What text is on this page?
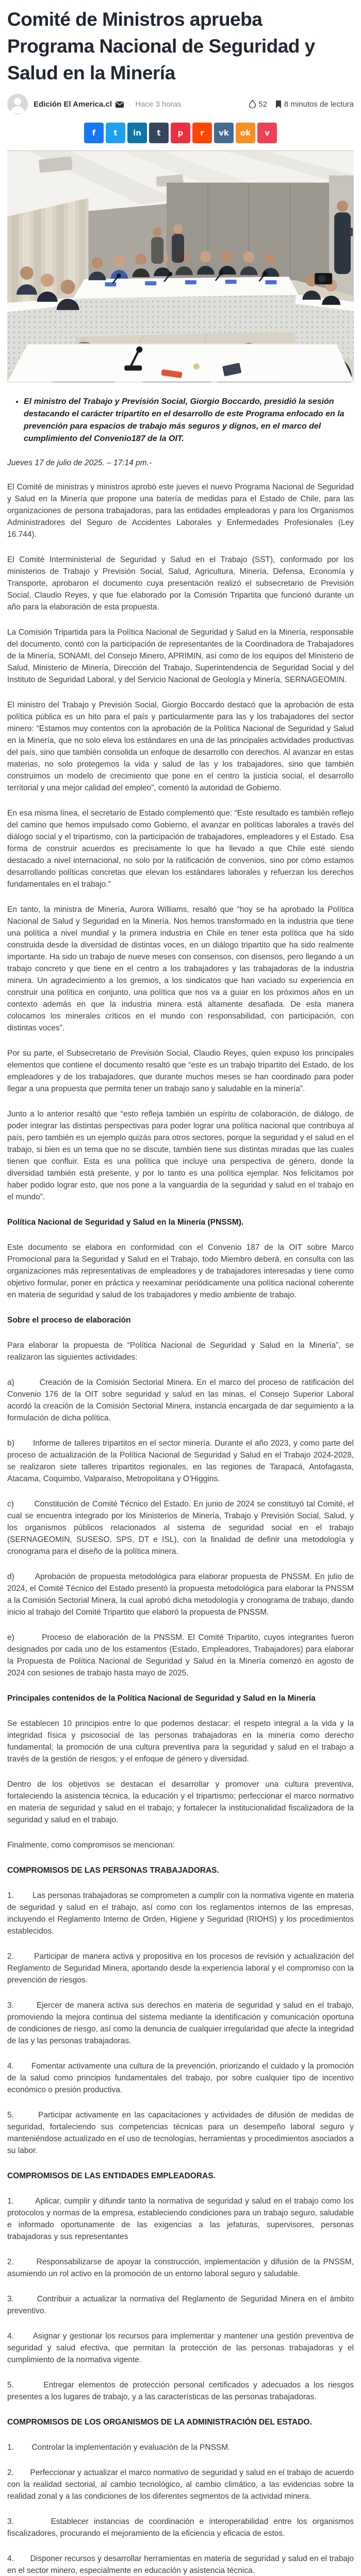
Comité de Ministros aprueba Programa Nacional de Seguridad y Salud en la Minería
Edición El America.cl · Hace 3 horas	52 8 minutos de lectura
f	t	in	t	p	r	vk	ok	v
• El ministro del Trabajo y Previsión Social, Giorgio Boccardo, presidió la sesión destacando el carácter tripartito en el desarrollo de este Programa enfocado en la prevención para espacios de trabajo más seguros y dignos, en el marco del cumplimiento del Convenio187 de la OIT.

Jueves 17 de julio de 2025. – 17:14 pm.-

El Comité de ministras y ministros aprobó este jueves el nuevo Programa Nacional de Seguridad y Salud en la Minería que propone una batería de medidas para el Estado de Chile, para las organizaciones de persona trabajadoras, para las entidades empleadoras y para los Organismos Administradores del Seguro de Accidentes Laborales y Enfermedades Profesionales (Ley 16.744).

El Comité Interministerial de Seguridad y Salud en el Trabajo (SST), conformado por los ministerios de Trabajo y Previsión Social, Salud, Agricultura, Minería, Defensa, Economía y Transporte, aprobaron el documento cuya presentación realizó el subsecretario de Previsión Social, Claudio Reyes, y que fue elaborado por la Comisión Tripartita que funcionó durante un año para la elaboración de esta propuesta.

La Comisión Tripartida para la Política Nacional de Seguridad y Salud en la Minería, responsable del documento, contó con la participación de representantes de la Coordinadora de Trabajadores de la Minería, SONAMI, del Consejo Minero, APRIMIN, así como de los equipos del Ministerio de Salud, Ministerio de Minería, Dirección del Trabajo, Superintendencia de Seguridad Social y del Instituto de Seguridad Laboral, y del Servicio Nacional de Geología y Minería, SERNAGEOMIN.

El ministro del Trabajo y Previsión Social, Giorgio Boccardo destacó que la aprobación de esta política pública es un hito para el país y particularmente para las y los trabajadores del sector minero: “Estamos muy contentos con la aprobación de la Política Nacional de Seguridad y Salud en la Minería, que no solo eleva los estándares en una de las principales actividades productivas del país, sino que también consolida un enfoque de desarrollo con derechos. Al avanzar en estas materias, no solo protegemos la vida y salud de las y los trabajadores, sino que también construimos un modelo de crecimiento que pone en el centro la justicia social, el desarrollo territorial y una mejor calidad del empleo”, comentó la autoridad de Gobierno.

En esa misma línea, el secretario de Estado complementó que: “Este resultado es también reflejo del camino que hemos impulsado como Gobierno, el avanzar en políticas laborales a través del diálogo social y el tripartismo, con la participación de trabajadores, empleadores y el Estado. Esa forma de construir acuerdos es precisamente lo que ha llevado a que Chile esté siendo destacado a nivel internacional, no solo por la ratificación de convenios, sino por cómo estamos desarrollando políticas concretas que elevan los estándares laborales y refuerzan los derechos fundamentales en el trabajo.”

En tanto, la ministra de Minería, Aurora Williams, resaltó que “hoy se ha aprobado la Política Nacional de Salud y Seguridad en la Minería. Nos hemos transformado en la industria que tiene una política a nivel mundial y la primera industria en Chile en tener esta política que ha sido construida desde la diversidad de distintas voces, en un diálogo tripartito que ha sido realmente importante. Ha sido un trabajo de nueve meses con consensos, con disensos, pero llegando a un trabajo concreto y que tiene en el centro a los trabajadores y las trabajadoras de la industria minera. Un agradecimiento a los gremios, a los sindicatos que han vaciado su experiencia en construir una política en conjunto, una política que nos va a guiar en los próximos años en un contexto además en que la industria minera está altamente desafiada. De esta manera colocamos los minerales críticos en el mundo con responsabilidad, con participación, con distintas voces”.

Por su parte, el Subsecretario de Previsión Social, Claudio Reyes, quien expuso los principales elementos que contiene el documento resaltó que “este es un trabajo tripartito del Estado, de los empleadores y de los trabajadores, que durante muchos meses se han coordinado para poder llegar a una propuesta que permita tener un trabajo sano y saludable en la minería”.

Junto a lo anterior resaltó que “esto refleja también un espíritu de colaboración, de diálogo, de poder integrar las distintas perspectivas para poder lograr una política nacional que contribuya al país, pero también es un ejemplo quizás para otros sectores, porque la seguridad y el salud en el trabajo, si bien es un tema que no se discute, también tiene sus distintas miradas que las cuales tienen que confluir. Esta es una política que incluye una perspectiva de género, donde la diversidad también está presente, y por lo tanto es una política ejemplar. Nos felicitamos por haber podido lograr esto, que nos pone a la vanguardia de la seguridad y salud en el trabajo en el mundo”.

Política Nacional de Seguridad y Salud en la Minería (PNSSM).

Este documento se elabora en conformidad con el Convenio 187 de la OIT sobre Marco Promocional para la Seguridad y Salud en el Trabajo, todo Miembro deberá, en consulta con las organizaciones más representativas de empleadores y de trabajadores interesadas y tiene como objetivo formular, poner en práctica y reexaminar periódicamente una política nacional coherente en materia de seguridad y salud de los trabajadores y medio ambiente de trabajo.

Sobre el proceso de elaboración

Para elaborar la propuesta de “Política Nacional de Seguridad y Salud en la Minería”, se realizaron las siguientes actividades:

a)        Creación de la Comisión Sectorial Minera. En el marco del proceso de ratificación del Convenio 176 de la OIT sobre seguridad y salud en las minas, el Consejo Superior Laboral acordó la creación de la Comisión Sectorial Minera, instancia encargada de dar seguimiento a la formulación de dicha política.

b)       Informe de talleres tripartitos en el sector minería. Durante el año 2023, y como parte del proceso de actualización de la Política Nacional de Seguridad y Salud en el Trabajo 2024-2028, se realizaron siete talleres tripartitos regionales, en las regiones de Tarapacá, Antofagasta, Atacama, Coquimbo, Valparaíso, Metropolitana y O’Higgins.

c)        Constitución de Comité Técnico del Estado. En junio de 2024 se constituyó tal Comité, el cual se encuentra integrado por los Ministerios de Minería, Trabajo y Previsión Social, Salud, y los organismos públicos relacionados al sistema de seguridad social en el trabajo (SERNAGEOMIN, SUSESO, SPS, DT e ISL), con la finalidad de definir una metodología y cronograma para el diseño de la política minera.

d)       Aprobación de propuesta metodológica para elaborar propuesta de PNSSM. En julio de 2024, el Comité Técnico del Estado presentó la propuesta metodológica para elaborar la PNSSM a la Comisión Sectorial Minera, la cual aprobó dicha metodología y cronograma de trabajo, dando inicio al trabajo del Comité Tripartito que elaboró la propuesta de PNSSM.

e)        Proceso de elaboración de la PNSSM. El Comité Tripartito, cuyos integrantes fueron designados por cada uno de los estamentos (Estado, Empleadores, Trabajadores) para elaborar la Propuesta de Política Nacional de Seguridad y Salud en la Minería comenzó en agosto de 2024 con sesiones de trabajo hasta mayo de 2025.

Principales contenidos de la Política Nacional de Seguridad y Salud en la Minería

Se establecen 10 principios entre lo que podemos destacar: el respeto integral a la vida y la integridad física y psicosocial de las personas trabajadoras en la minería como derecho fundamental; la promoción de una cultura preventiva para la seguridad y salud en el trabajo a través de la gestión de riesgos; y el enfoque de género y diversidad.

Dentro de los objetivos se destacan el desarrollar y promover una cultura preventiva, fortaleciendo la asistencia técnica, la educación y el tripartismo; perfeccionar el marco normativo en materia de seguridad y salud en el trabajo; y fortalecer la institucionalidad fiscalizadora de la seguridad y salud en el trabajo.

Finalmente, como compromisos se mencionan:

COMPROMISOS DE LAS PERSONAS TRABAJADORAS.

1.        Las personas trabajadoras se comprometen a cumplir con la normativa vigente en materia de seguridad y salud en el trabajo, así como con los reglamentos internos de las empresas, incluyendo el Reglamento Interno de Orden, Higiene y Seguridad (RIOHS) y los procedimientos establecidos.

2.       Participar de manera activa y propositiva en los procesos de revisión y actualización del Reglamento de Seguridad Minera, aportando desde la experiencia laboral y el compromiso con la prevención de riesgos.

3.       Ejercer de manera activa sus derechos en materia de seguridad y salud en el trabajo, promoviendo la mejora continua del sistema mediante la identificación y comunicación oportuna de condiciones de riesgo, así como la denuncia de cualquier irregularidad que afecte la integridad de las y las personas trabajadoras.

4.       Fomentar activamente una cultura de la prevención, priorizando el cuidado y la promoción de la salud como principios fundamentales del trabajo, por sobre cualquier tipo de incentivo económico o presión productiva.

5.       Participar activamente en las capacitaciones y actividades de difusión de medidas de seguridad, fortaleciendo sus competencias técnicas para un desempeño laboral seguro y manteniéndose actualizado en el uso de tecnologías, herramientas y procedimientos asociados a su labor.

COMPROMISOS DE LAS ENTIDADES EMPLEADORAS.

1.        Aplicar, cumplir y difundir tanto la normativa de seguridad y salud en el trabajo como los protocolos y normas de la empresa, estableciendo condiciones para un trabajo seguro, saludable e informado oportunamente de las exigencias a las jefaturas, supervisores, personas trabajadoras y sus representantes

2.       Responsabilizarse de apoyar la construcción, implementación y difusión de la PNSSM, asumiendo un rol activo en la promoción de un entorno laboral seguro y saludable.

3.       Contribuir a actualizar la normativa del Reglamento de Seguridad Minera en el ámbito preventivo.

4.       Asignar y gestionar los recursos para implementar y mantener una gestión preventiva de seguridad y salud efectiva, que permitan la protección de las personas trabajadoras y el cumplimiento de la normativa vigente.

5.       Entregar elementos de protección personal certificados y adecuados a los riesgos presentes a los lugares de trabajo, y a las características de las personas trabajadoras.

COMPROMISOS DE LOS ORGANISMOS DE LA ADMINISTRACIÓN DEL ESTADO.

1.        Controlar la implementación y evaluación de la PNSSM.

2.       Perfeccionar y actualizar el marco normativo de seguridad y salud en el trabajo de acuerdo con la realidad sectorial, al cambio tecnológico, al cambio climático, a las evidencias sobre la realidad zonal y a las condiciones de los diferentes segmentos de la actividad minera.

3.       Establecer instancias de coordinación e interoperabilidad entre los organismos fiscalizadores, procurando el mejoramiento de la eficiencia y eficacia de estos.

4.       Disponer recursos y desarrollar herramientas en materia de seguridad y salud en el trabajo en el sector minero, especialmente en educación y asistencia técnica.
